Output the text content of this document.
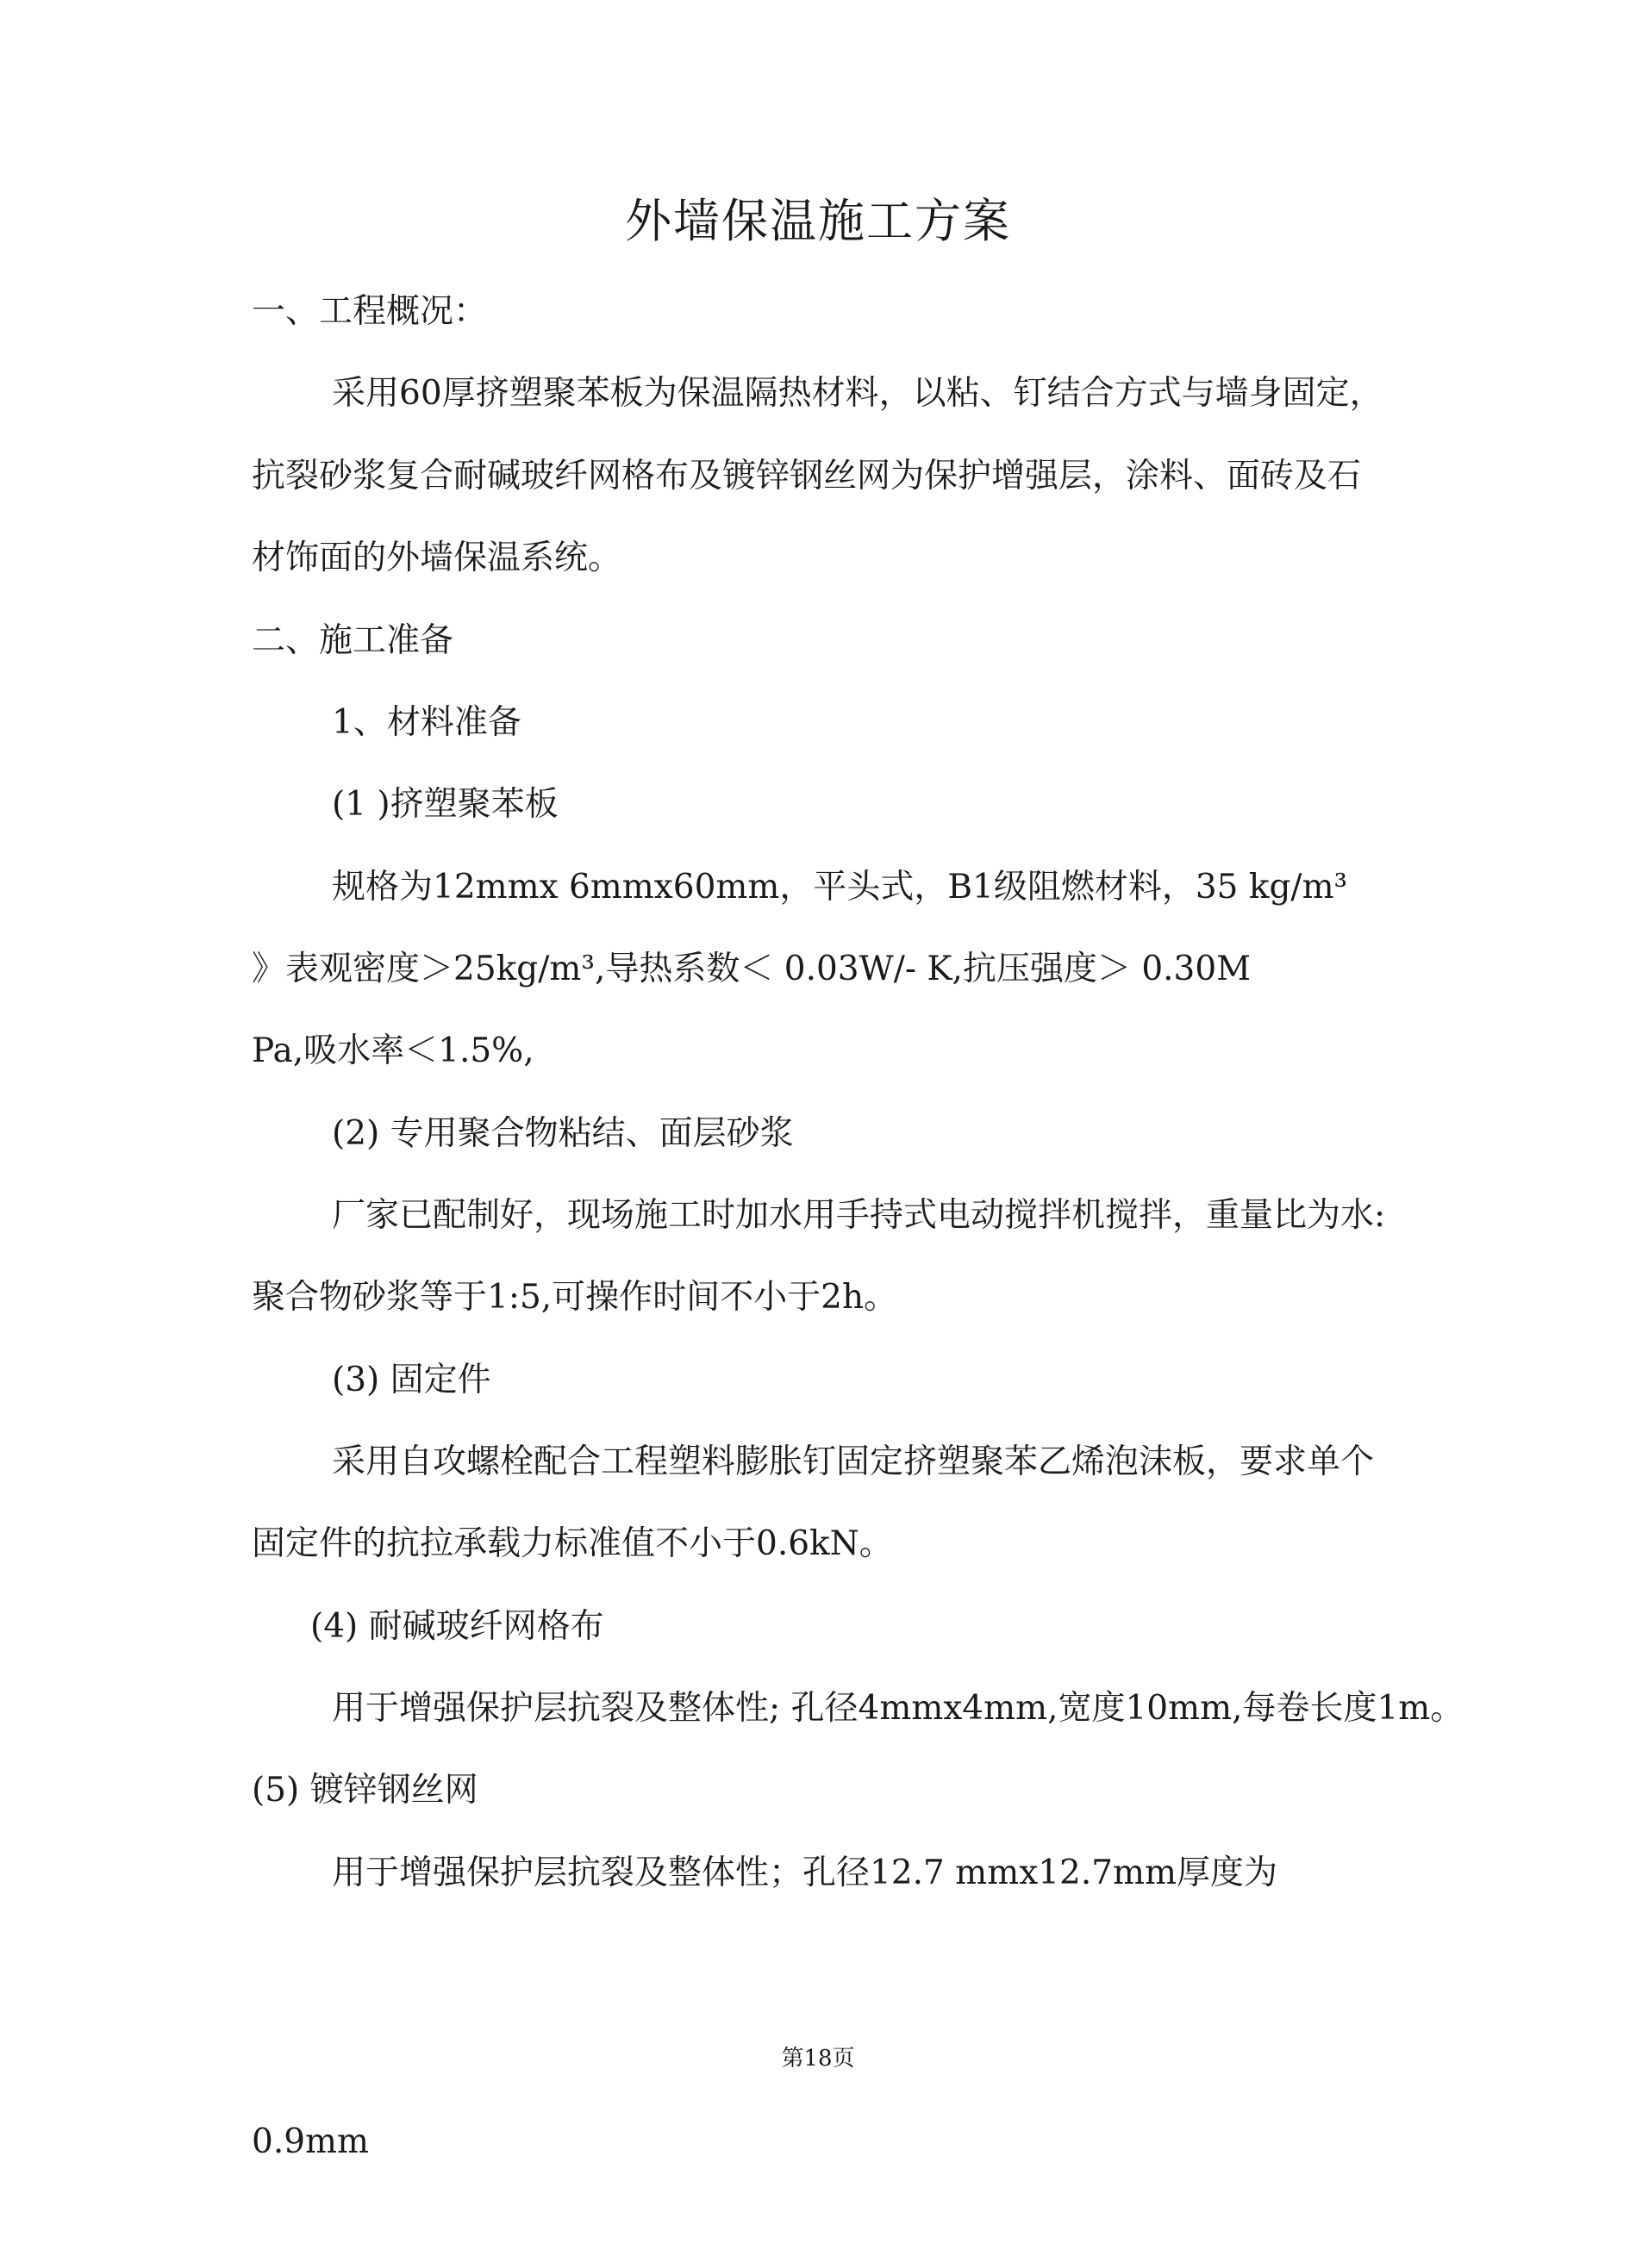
外墙保温施工方案
一、工程概况：
采用60厚挤塑聚苯板为保温隔热材料，以粘、钉结合方式与墙身固定，
抗裂砂浆复合耐碱玻纤网格布及镀锌钢丝网为保护增强层，涂料、面砖及石
材饰面的外墙保温系统。
二、施工准备
1、材料准备
(1 )挤塑聚苯板
规格为12mmx 6mmx60mm，平头式，B1级阻燃材料，35 kg/m³
》表观密度＞25kg/m³,导热系数＜ 0.03W/- K,抗压强度＞ 0.30M
Pa,吸水率＜1.5%,
(2) 专用聚合物粘结、面层砂浆
厂家已配制好，现场施工时加水用手持式电动搅拌机搅拌，重量比为水:
聚合物砂浆等于1:5,可操作时间不小于2h。
(3) 固定件
采用自攻螺栓配合工程塑料膨胀钉固定挤塑聚苯乙烯泡沫板，要求单个
固定件的抗拉承载力标准值不小于0.6kN。
(4) 耐碱玻纤网格布
用于增强保护层抗裂及整体性; 孔径4mmx4mm,宽度10mm,每卷长度1m。
(5) 镀锌钢丝网
用于增强保护层抗裂及整体性；孔径12.7 mmx12.7mm厚度为
第18页
0.9mm
